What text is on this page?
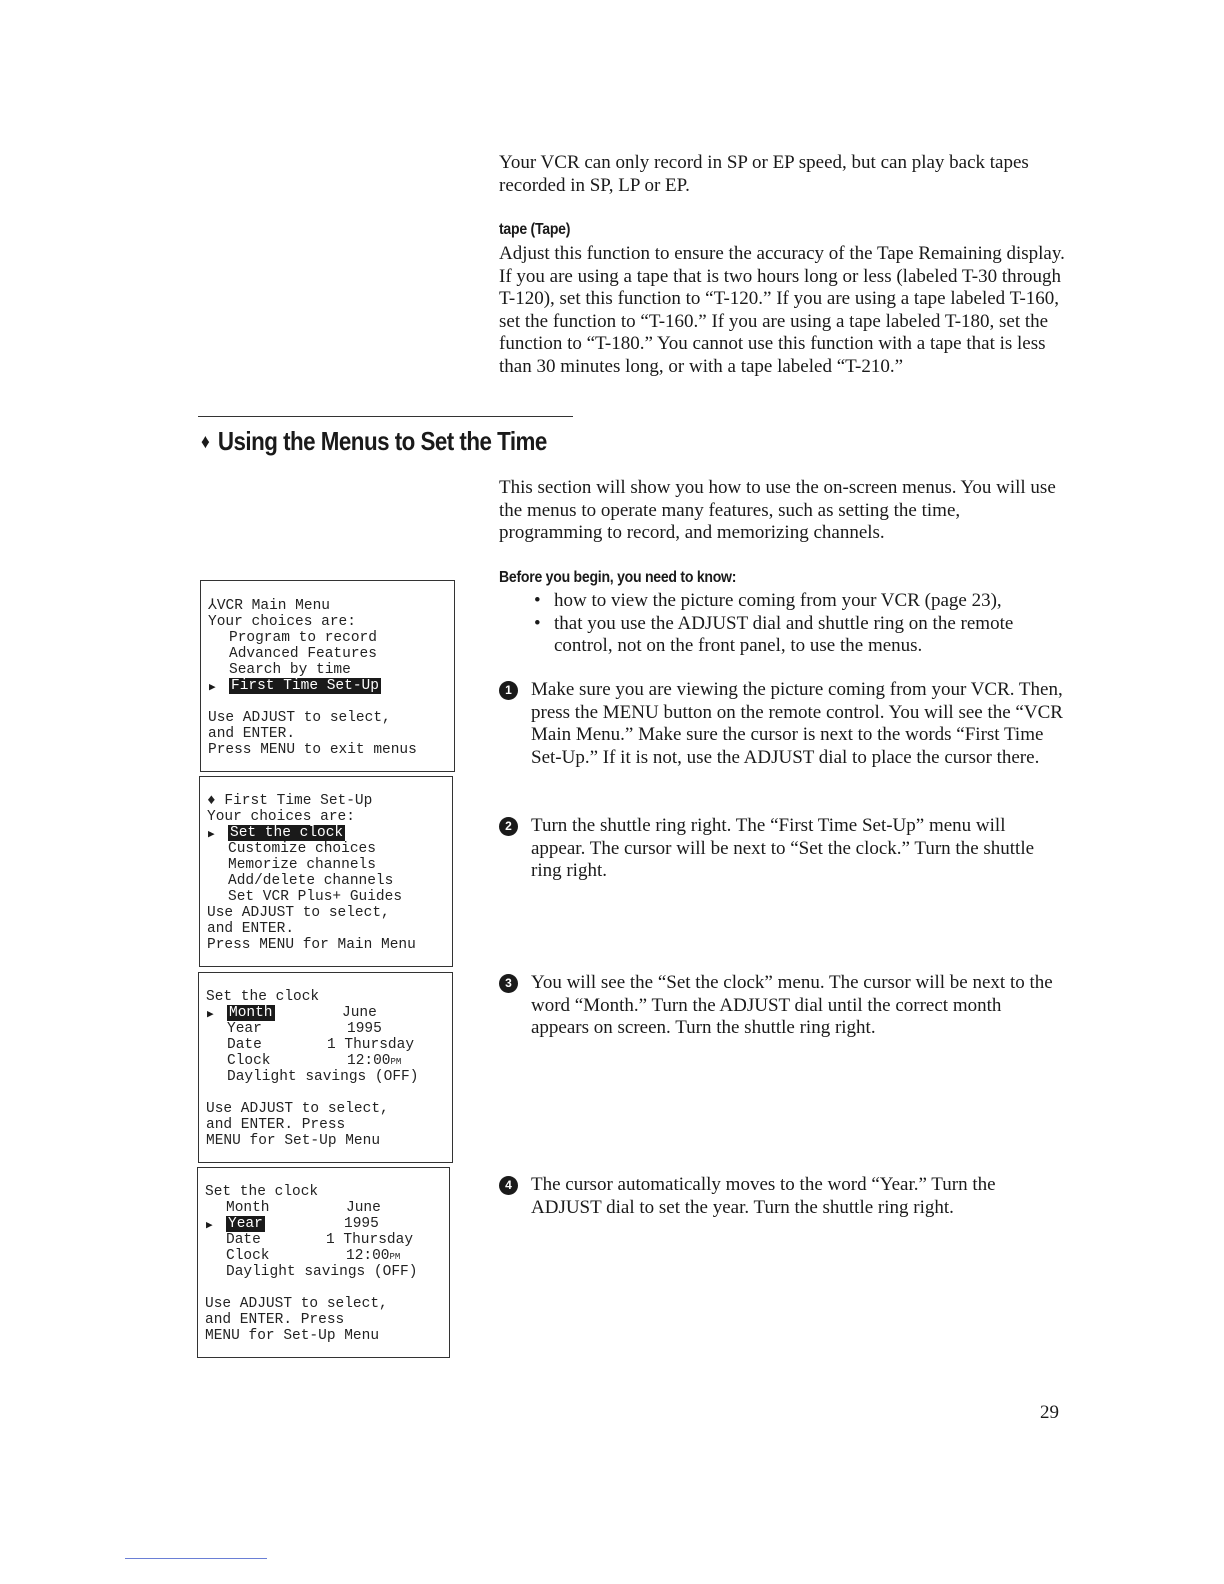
Your VCR can only record in SP or EP speed, but can play back tapes recorded in SP, LP or EP.

tape (Tape)

Adjust this function to ensure the accuracy of the Tape Remaining display. If you are using a tape that is two hours long or less (labeled T-30 through T-120), set this function to “T-120.” If you are using a tape labeled T-160, set the function to “T-160.” If you are using a tape labeled T-180, set the function to “T-180.” You cannot use this function with a tape that is less than 30 minutes long, or with a tape labeled “T-210.”

♦ Using the Menus to Set the Time

This section will show you how to use the on-screen menus. You will use the menus to operate many features, such as setting the time, programming to record, and memorizing channels.

Before you begin, you need to know:
• how to view the picture coming from your VCR (page 23),
• that you use the ADJUST dial and shuttle ring on the remote control, not on the front panel, to use the menus.
1	Make sure you are viewing the picture coming from your VCR. Then, press the MENU button on the remote control. You will see the “VCR Main Menu.” Make sure the cursor is next to the words “First Time Set-Up.” If it is not, use the ADJUST dial to place the cursor there.
2	Turn the shuttle ring right. The “First Time Set-Up” menu will appear. The cursor will be next to “Set the clock.” Turn the shuttle ring right.
3	You will see the “Set the clock” menu. The cursor will be next to the word “Month.” Turn the ADJUST dial until the correct month appears on screen. Turn the shuttle ring right.
4	The cursor automatically moves to the word “Year.” Turn the ADJUST dial to set the year. Turn the shuttle ring right.
⅄VCR Main Menu
Your choices are:
Program to record
Advanced Features
Search by time
▶ First Time Set-Up
Use ADJUST to select,
and ENTER.
Press MENU to exit menus
♦ First Time Set-Up
Your choices are:
▶ Set the clock
Customize choices
Memorize channels
Add/delete channels
Set VCR Plus+ Guides
Use ADJUST to select,
and ENTER.
Press MENU for Main Menu
Set the clock
▶ Month	June
Year	1995
Date	1 Thursday
Clock	12:00PM
Daylight savings (OFF)
Use ADJUST to select,
and ENTER. Press
MENU for Set-Up Menu
Set the clock
Month	June
▶ Year	1995
Date	1 Thursday
Clock	12:00PM
Daylight savings (OFF)
Use ADJUST to select,
and ENTER. Press
MENU for Set-Up Menu
29
